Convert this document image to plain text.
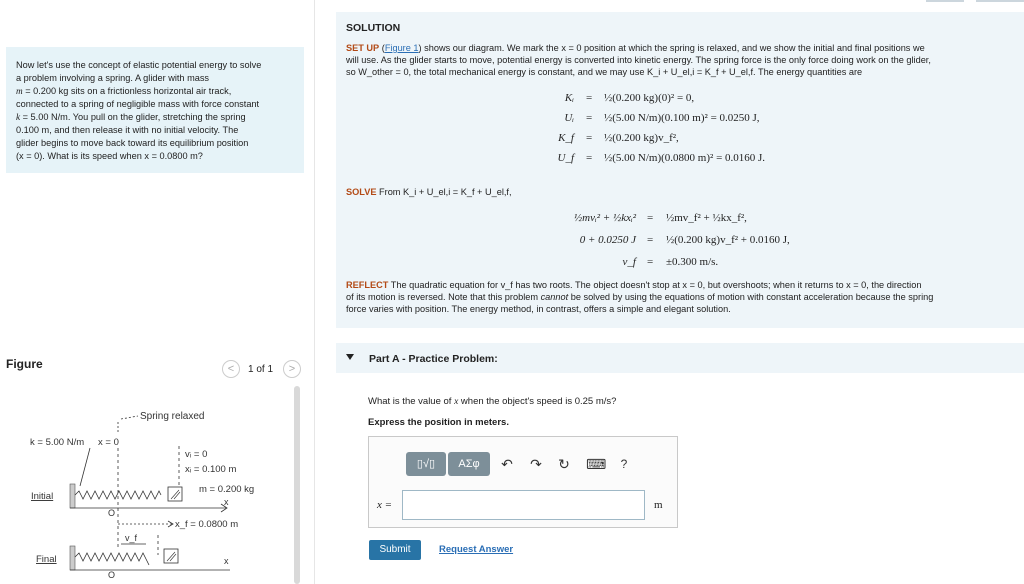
Now let's use the concept of elastic potential energy to solve
a problem involving a spring. A glider with mass
m = 0.200 kg sits on a frictionless horizontal air track,
connected to a spring of negligible mass with force constant
k = 5.00 N/m. You pull on the glider, stretching the spring
0.100 m, and then release it with no initial velocity. The
glider begins to move back toward its equilibrium position
(x = 0). What is its speed when x = 0.0800 m?
SOLUTION
SET UP (Figure 1) shows our diagram. We mark the x = 0 position at which the spring is relaxed, and we show the initial and final positions we
will use. As the glider starts to move, potential energy is converted into kinetic energy. The spring force is the only force doing work on the glider,
so W_other = 0, the total mechanical energy is constant, and we may use K_i + U_el,i = K_f + U_el,f. The energy quantities are
Kᵢ = ½(0.200 kg)(0)² = 0,
Uᵢ = ½(5.00 N/m)(0.100 m)² = 0.0250 J,
K_f = ½(0.200 kg)v_f²,
U_f = ½(5.00 N/m)(0.0800 m)² = 0.0160 J.
SOLVE From K_i + U_el,i = K_f + U_el,f,
½mvᵢ² + ½kxᵢ² = ½mv_f² + ½kx_f²,
0 + 0.0250 J = ½(0.200 kg)v_f² + 0.0160 J,
v_f = ±0.300 m/s.
REFLECT The quadratic equation for v_f has two roots. The object doesn't stop at x = 0, but overshoots; when it returns to x = 0, the direction
of its motion is reversed. Note that this problem cannot be solved by using the equations of motion with constant acceleration because the spring
force varies with position. The energy method, in contrast, offers a simple and elegant solution.
Figure	<	1 of 1	>
Spring relaxed
k = 5.00 N/m x = 0
vᵢ = 0
xᵢ = 0.100 m
m = 0.200 kg
Initial	x
O
x_f = 0.0800 m
v_f
Final	x
O
Part A - Practice Problem:
What is the value of x when the object's speed is 0.25 m/s?
Express the position in meters.
▯√▯	ΑΣφ	↶ ↷ ↻ ⌨	?
x =	m
Submit	Request Answer
